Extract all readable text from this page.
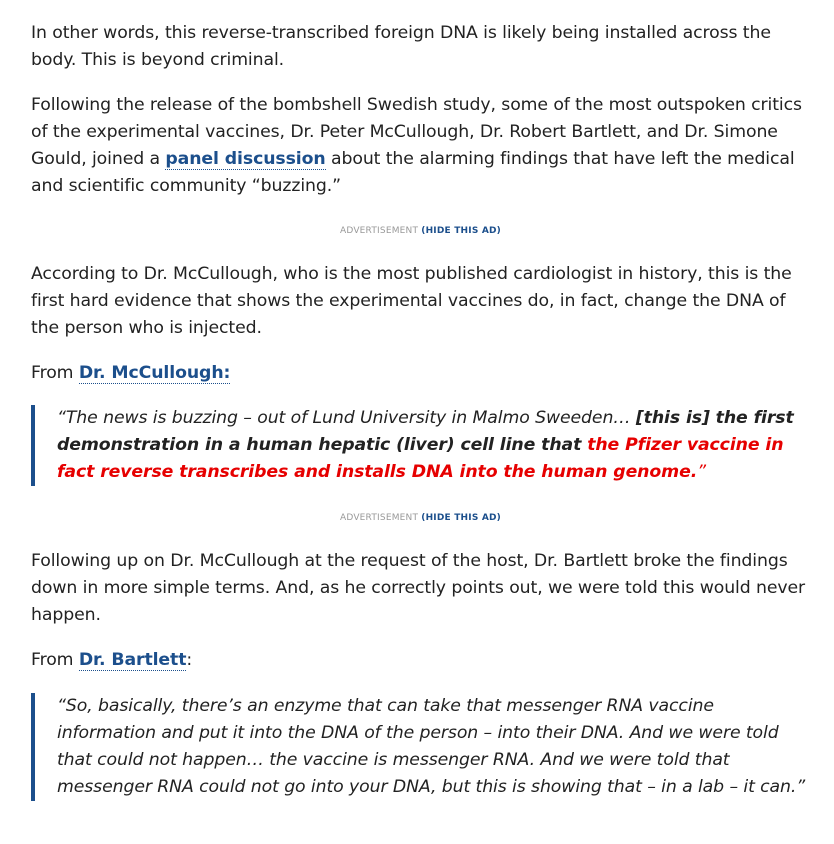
In other words, this reverse-transcribed foreign DNA is likely being installed across the body. This is beyond criminal.

Following the release of the bombshell Swedish study, some of the most outspoken critics of the experimental vaccines, Dr. Peter McCullough, Dr. Robert Bartlett, and Dr. Simone Gould, joined a panel discussion about the alarming findings that have left the medical and scientific community “buzzing.”

ADVERTISEMENT (HIDE THIS AD)

According to Dr. McCullough, who is the most published cardiologist in history, this is the first hard evidence that shows the experimental vaccines do, in fact, change the DNA of the person who is injected.

From Dr. McCullough:

“The news is buzzing – out of Lund University in Malmo Sweeden… [this is] the first demonstration in a human hepatic (liver) cell line that the Pfizer vaccine in fact reverse transcribes and installs DNA into the human genome.”
ADVERTISEMENT (HIDE THIS AD)

Following up on Dr. McCullough at the request of the host, Dr. Bartlett broke the findings down in more simple terms. And, as he correctly points out, we were told this would never happen.

From Dr. Bartlett:

“So, basically, there’s an enzyme that can take that messenger RNA vaccine information and put it into the DNA of the person – into their DNA. And we were told that could not happen… the vaccine is messenger RNA. And we were told that messenger RNA could not go into your DNA, but this is showing that – in a lab – it can.”
